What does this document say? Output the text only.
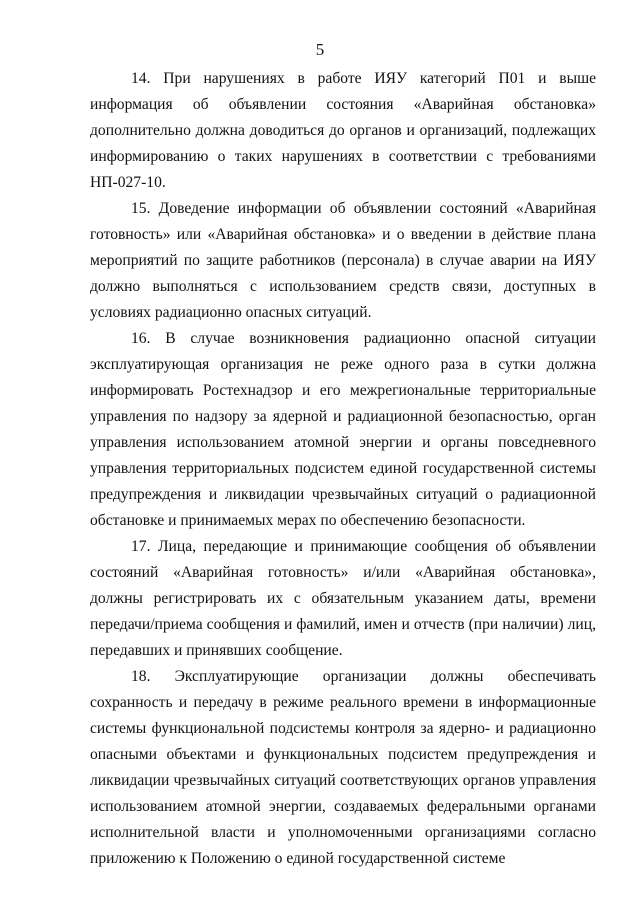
5

14. При нарушениях в работе ИЯУ категорий П01 и выше информация об объявлении состояния «Аварийная обстановка» дополнительно должна доводиться до органов и организаций, подлежащих информированию о таких нарушениях в соответствии с требованиями НП-027-10.

15. Доведение информации об объявлении состояний «Аварийная готовность» или «Аварийная обстановка» и о введении в действие плана мероприятий по защите работников (персонала) в случае аварии на ИЯУ должно выполняться с использованием средств связи, доступных в условиях радиационно опасных ситуаций.

16. В случае возникновения радиационно опасной ситуации эксплуатирующая организация не реже одного раза в сутки должна информировать Ростехнадзор и его межрегиональные территориальные управления по надзору за ядерной и радиационной безопасностью, орган управления использованием атомной энергии и органы повседневного управления территориальных подсистем единой государственной системы предупреждения и ликвидации чрезвычайных ситуаций о радиационной обстановке и принимаемых мерах по обеспечению безопасности.

17. Лица, передающие и принимающие сообщения об объявлении состояний «Аварийная готовность» и/или «Аварийная обстановка», должны регистрировать их с обязательным указанием даты, времени передачи/приема сообщения и фамилий, имен и отчеств (при наличии) лиц, передавших и принявших сообщение.

18. Эксплуатирующие организации должны обеспечивать сохранность и передачу в режиме реального времени в информационные системы функциональной подсистемы контроля за ядерно- и радиационно опасными объектами и функциональных подсистем предупреждения и ликвидации чрезвычайных ситуаций соответствующих органов управления использованием атомной энергии, создаваемых федеральными органами исполнительной власти и уполномоченными организациями согласно приложению к Положению о единой государственной системе
